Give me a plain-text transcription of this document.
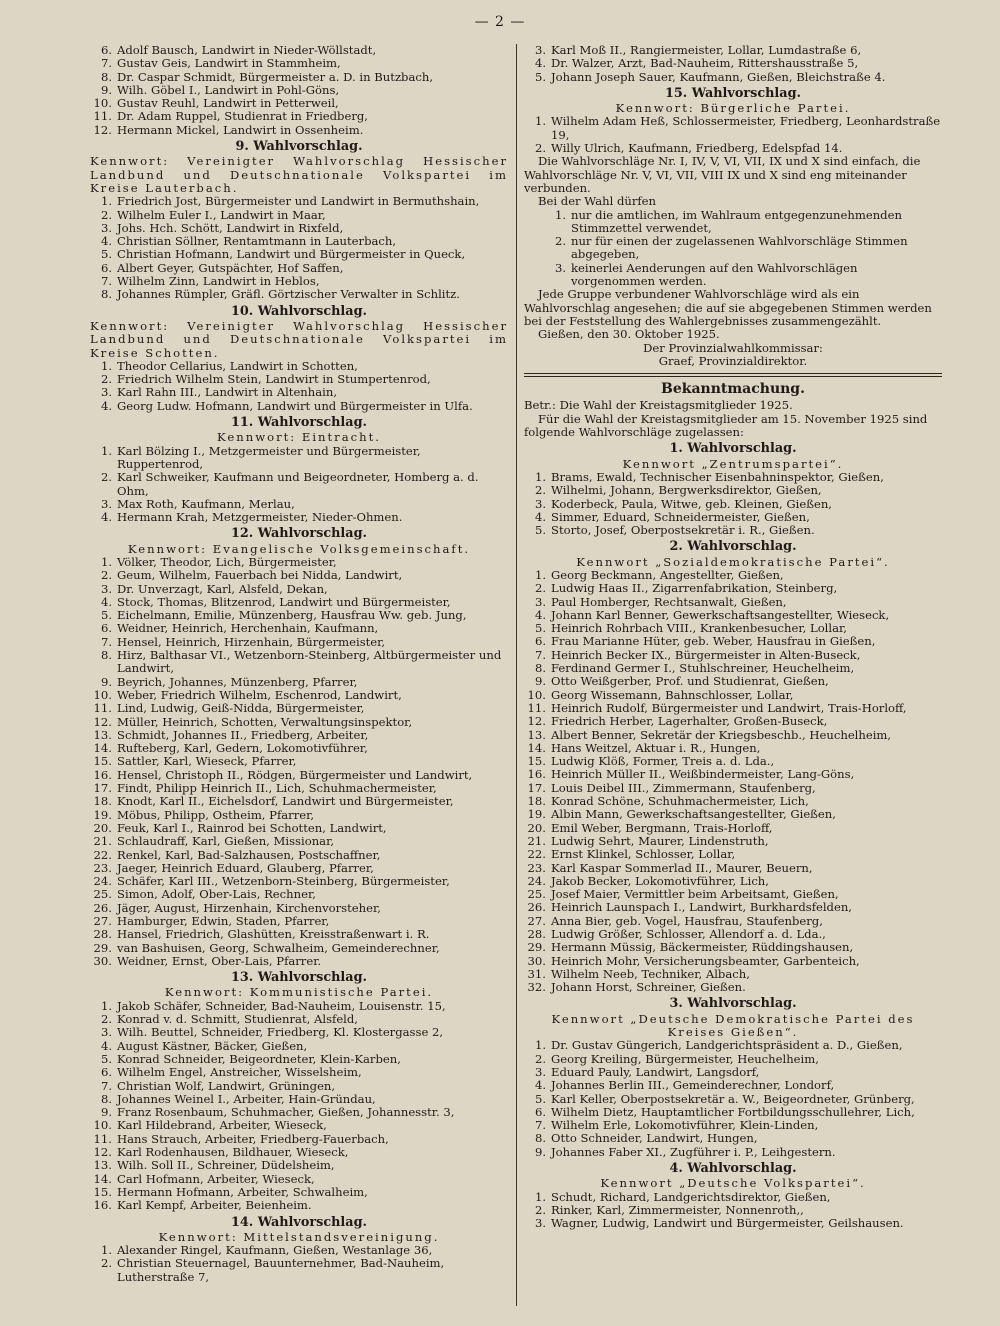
— 2 —
6. Adolf Bausch, Landwirt in Nieder-Wöllstadt,
7. Gustav Geis, Landwirt in Stammheim,
8. Dr. Caspar Schmidt, Bürgermeister a. D. in Butzbach,
9. Wilh. Göbel I., Landwirt in Pohl-Göns,
10. Gustav Reuhl, Landwirt in Petterweil,
11. Dr. Adam Ruppel, Studienrat in Friedberg,
12. Hermann Mickel, Landwirt in Ossenheim.
9. Wahlvorschlag.
Kennwort: Vereinigter Wahlvorschlag Hessischer Landbund und Deutschnationale Volkspartei im Kreise Lauterbach.
1. Friedrich Jost, Bürgermeister und Landwirt in Bermuthshain,
2. Wilhelm Euler I., Landwirt in Maar,
3. Johs. Hch. Schött, Landwirt in Rixfeld,
4. Christian Söllner, Rentamtmann in Lauterbach,
5. Christian Hofmann, Landwirt und Bürgermeister in Queck,
6. Albert Geyer, Gutspächter, Hof Saffen,
7. Wilhelm Zinn, Landwirt in Heblos,
8. Johannes Rümpler, Gräfl. Görtzischer Verwalter in Schlitz.
10. Wahlvorschlag.
Kennwort: Vereinigter Wahlvorschlag Hessischer Landbund und Deutschnationale Volkspartei im Kreise Schotten.
1. Theodor Cellarius, Landwirt in Schotten,
2. Friedrich Wilhelm Stein, Landwirt in Stumpertenrod,
3. Karl Rahn III., Landwirt in Altenhain,
4. Georg Ludw. Hofmann, Landwirt und Bürgermeister in Ulfa.
11. Wahlvorschlag.
Kennwort: Eintracht.
1. Karl Bölzing I., Metzgermeister und Bürgermeister, Ruppertenrod,
2. Karl Schweiker, Kaufmann und Beigeordneter, Homberg a. d. Ohm,
3. Max Roth, Kaufmann, Merlau,
4. Hermann Krah, Metzgermeister, Nieder-Ohmen.
12. Wahlvorschlag.
Kennwort: Evangelische Volksgemeinschaft.
1. Völker, Theodor, Lich, Bürgermeister,
2. Geum, Wilhelm, Fauerbach bei Nidda, Landwirt,
3. Dr. Unverzagt, Karl, Alsfeld, Dekan,
4. Stock, Thomas, Blitzenrod, Landwirt und Bürgermeister,
5. Eichelmann, Emilie, Münzenberg, Hausfrau Ww. geb. Jung,
6. Weidner, Heinrich, Herchenhain, Kaufmann,
7. Hensel, Heinrich, Hirzenhain, Bürgermeister,
8. Hirz, Balthasar VI., Wetzenborn-Steinberg, Altbürgermeister und Landwirt,
9. Beyrich, Johannes, Münzenberg, Pfarrer,
10. Weber, Friedrich Wilhelm, Eschenrod, Landwirt,
11. Lind, Ludwig, Geiß-Nidda, Bürgermeister,
12. Müller, Heinrich, Schotten, Verwaltungsinspektor,
13. Schmidt, Johannes II., Friedberg, Arbeiter,
14. Rufteberg, Karl, Gedern, Lokomotivführer,
15. Sattler, Karl, Wieseck, Pfarrer,
16. Hensel, Christoph II., Rödgen, Bürgermeister und Landwirt,
17. Findt, Philipp Heinrich II., Lich, Schuhmachermeister,
18. Knodt, Karl II., Eichelsdorf, Landwirt und Bürgermeister,
19. Möbus, Philipp, Ostheim, Pfarrer,
20. Feuk, Karl I., Rainrod bei Schotten, Landwirt,
21. Schlaudraff, Karl, Gießen, Missionar,
22. Renkel, Karl, Bad-Salzhausen, Postschaffner,
23. Jaeger, Heinrich Eduard, Glauberg, Pfarrer,
24. Schäfer, Karl III., Wetzenborn-Steinberg, Bürgermeister,
25. Simon, Adolf, Ober-Lais, Rechner,
26. Jäger, August, Hirzenhain, Kirchenvorsteher,
27. Hamburger, Edwin, Staden, Pfarrer,
28. Hansel, Friedrich, Glashütten, Kreisstraßenwart i. R.
29. van Bashuisen, Georg, Schwalheim, Gemeinderechner,
30. Weidner, Ernst, Ober-Lais, Pfarrer.
13. Wahlvorschlag.
Kennwort: Kommunistische Partei.
1. Jakob Schäfer, Schneider, Bad-Nauheim, Louisenstr. 15,
2. Konrad v. d. Schmitt, Studienrat, Alsfeld,
3. Wilh. Beuttel, Schneider, Friedberg, Kl. Klostergasse 2,
4. August Kästner, Bäcker, Gießen,
5. Konrad Schneider, Beigeordneter, Klein-Karben,
6. Wilhelm Engel, Anstreicher, Wisselsheim,
7. Christian Wolf, Landwirt, Grüningen,
8. Johannes Weinel I., Arbeiter, Hain-Gründau,
9. Franz Rosenbaum, Schuhmacher, Gießen, Johannesstr. 3,
10. Karl Hildebrand, Arbeiter, Wieseck,
11. Hans Strauch, Arbeiter, Friedberg-Fauerbach,
12. Karl Rodenhausen, Bildhauer, Wieseck,
13. Wilh. Soll II., Schreiner, Düdelsheim,
14. Carl Hofmann, Arbeiter, Wieseck,
15. Hermann Hofmann, Arbeiter, Schwalheim,
16. Karl Kempf, Arbeiter, Beienheim.
14. Wahlvorschlag.
Kennwort: Mittelstandsvereinigung.
1. Alexander Ringel, Kaufmann, Gießen, Westanlage 36,
2. Christian Steuernagel, Bauunternehmer, Bad-Nauheim, Lutherstraße 7,
3. Karl Moß II., Rangiermeister, Lollar, Lumdastraße 6,
4. Dr. Walzer, Arzt, Bad-Nauheim, Rittershausstraße 5,
5. Johann Joseph Sauer, Kaufmann, Gießen, Bleichstraße 4.
15. Wahlvorschlag.
Kennwort: Bürgerliche Partei.
1. Wilhelm Adam Heß, Schlossermeister, Friedberg, Leonhardstraße 19,
2. Willy Ulrich, Kaufmann, Friedberg, Edelspfad 14.
Die Wahlvorschläge Nr. I, IV, V, VI, VII, IX und X sind einfach, die Wahlvorschläge Nr. V, VI, VII, VIII IX und X sind eng miteinander verbunden.
Bei der Wahl dürfen
1. nur die amtlichen, im Wahlraum entgegenzunehmenden Stimmzettel verwendet,
2. nur für einen der zugelassenen Wahlvorschläge Stimmen abgegeben,
3. keinerlei Aenderungen auf den Wahlvorschlägen vorgenommen werden.
Jede Gruppe verbundener Wahlvorschläge wird als ein Wahlvorschlag angesehen; die auf sie abgegebenen Stimmen werden bei der Feststellung des Wahlergebnisses zusammengezählt.
Gießen, den 30. Oktober 1925.
Der Provinzialwahlkommissar:
Graef, Provinzialdirektor.
Bekanntmachung.
Betr.: Die Wahl der Kreistagsmitglieder 1925.
Für die Wahl der Kreistagsmitglieder am 15. November 1925 sind folgende Wahlvorschläge zugelassen:
1. Wahlvorschlag.
Kennwort „Zentrumspartei“.
1. Brams, Ewald, Technischer Eisenbahninspektor, Gießen,
2. Wilhelmi, Johann, Bergwerksdirektor, Gießen,
3. Koderbeck, Paula, Witwe, geb. Kleinen, Gießen,
4. Simmer, Eduard, Schneidermeister, Gießen,
5. Storto, Josef, Oberpostsekretär i. R., Gießen.
2. Wahlvorschlag.
Kennwort „Sozialdemokratische Partei“.
1. Georg Beckmann, Angestellter, Gießen,
2. Ludwig Haas II., Zigarrenfabrikation, Steinberg,
3. Paul Homberger, Rechtsanwalt, Gießen,
4. Johann Karl Benner, Gewerkschaftsangestellter, Wieseck,
5. Heinrich Rohrbach VIII., Krankenbesucher, Lollar,
6. Frau Marianne Hüter, geb. Weber, Hausfrau in Gießen,
7. Heinrich Becker IX., Bürgermeister in Alten-Buseck,
8. Ferdinand Germer I., Stuhlschreiner, Heuchelheim,
9. Otto Weißgerber, Prof. und Studienrat, Gießen,
10. Georg Wissemann, Bahnschlosser, Lollar,
11. Heinrich Rudolf, Bürgermeister und Landwirt, Trais-Horloff,
12. Friedrich Herber, Lagerhalter, Großen-Buseck,
13. Albert Benner, Sekretär der Kriegsbeschb., Heuchelheim,
14. Hans Weitzel, Aktuar i. R., Hungen,
15. Ludwig Klöß, Former, Treis a. d. Lda.,
16. Heinrich Müller II., Weißbindermeister, Lang-Göns,
17. Louis Deibel III., Zimmermann, Staufenberg,
18. Konrad Schöne, Schuhmachermeister, Lich,
19. Albin Mann, Gewerkschaftsangestellter, Gießen,
20. Emil Weber, Bergmann, Trais-Horloff,
21. Ludwig Sehrt, Maurer, Lindenstruth,
22. Ernst Klinkel, Schlosser, Lollar,
23. Karl Kaspar Sommerlad II., Maurer, Beuern,
24. Jakob Becker, Lokomotivführer, Lich,
25. Josef Maier, Vermittler beim Arbeitsamt, Gießen,
26. Heinrich Launspach I., Landwirt, Burkhardsfelden,
27. Anna Bier, geb. Vogel, Hausfrau, Staufenberg,
28. Ludwig Größer, Schlosser, Allendorf a. d. Lda.,
29. Hermann Müssig, Bäckermeister, Rüddingshausen,
30. Heinrich Mohr, Versicherungsbeamter, Garbenteich,
31. Wilhelm Neeb, Techniker, Albach,
32. Johann Horst, Schreiner, Gießen.
3. Wahlvorschlag.
Kennwort „Deutsche Demokratische Partei des Kreises Gießen“.
1. Dr. Gustav Güngerich, Landgerichtspräsident a. D., Gießen,
2. Georg Kreiling, Bürgermeister, Heuchelheim,
3. Eduard Pauly, Landwirt, Langsdorf,
4. Johannes Berlin III., Gemeinderechner, Londorf,
5. Karl Keller, Oberpostsekretär a. W., Beigeordneter, Grünberg,
6. Wilhelm Dietz, Hauptamtlicher Fortbildungsschullehrer, Lich,
7. Wilhelm Erle, Lokomotivführer, Klein-Linden,
8. Otto Schneider, Landwirt, Hungen,
9. Johannes Faber XI., Zugführer i. P., Leihgestern.
4. Wahlvorschlag.
Kennwort „Deutsche Volkspartei“.
1. Schudt, Richard, Landgerichtsdirektor, Gießen,
2. Rinker, Karl, Zimmermeister, Nonnenroth,,
3. Wagner, Ludwig, Landwirt und Bürgermeister, Geilshausen.
